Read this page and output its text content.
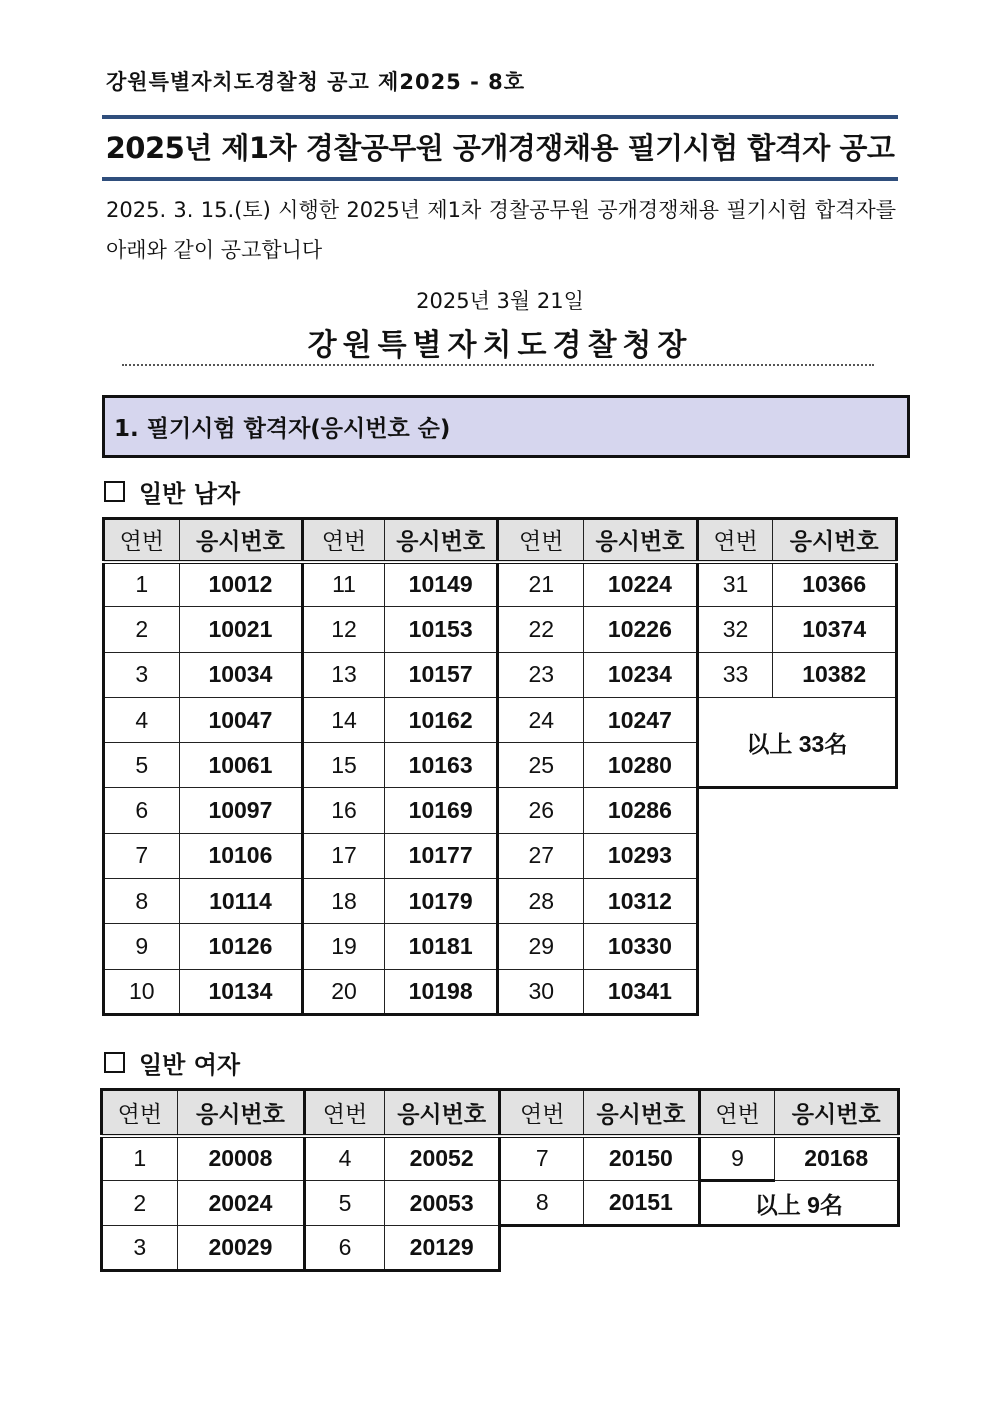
강원특별자치도경찰청 공고 제2025 - 8호
2025년 제1차 경찰공무원 공개경쟁채용 필기시험 합격자 공고
2025. 3. 15.(토) 시행한 2025년 제1차 경찰공무원 공개경쟁채용 필기시험 합격자를 아래와 같이 공고합니다
2025년 3월 21일
강원특별자치도경찰청장
1. 필기시험 합격자(응시번호 순)
일반 남자
연번	응시번호	연번	응시번호	연번	응시번호	연번	응시번호
1	10012	11	10149	21	10224	31	10366
2	10021	12	10153	22	10226	32	10374
3	10034	13	10157	23	10234	33	10382
4	10047	14	10162	24	10247	以上 33名	
5	10061	15	10163	25	10280		
6	10097	16	10169	26	10286		
7	10106	17	10177	27	10293		
8	10114	18	10179	28	10312		
9	10126	19	10181	29	10330		
10	10134	20	10198	30	10341		
일반 여자
연번	응시번호	연번	응시번호	연번	응시번호	연번	응시번호
1	20008	4	20052	7	20150	9	20168
2	20024	5	20053	8	20151	以上 9名	
3	20029	6	20129				
